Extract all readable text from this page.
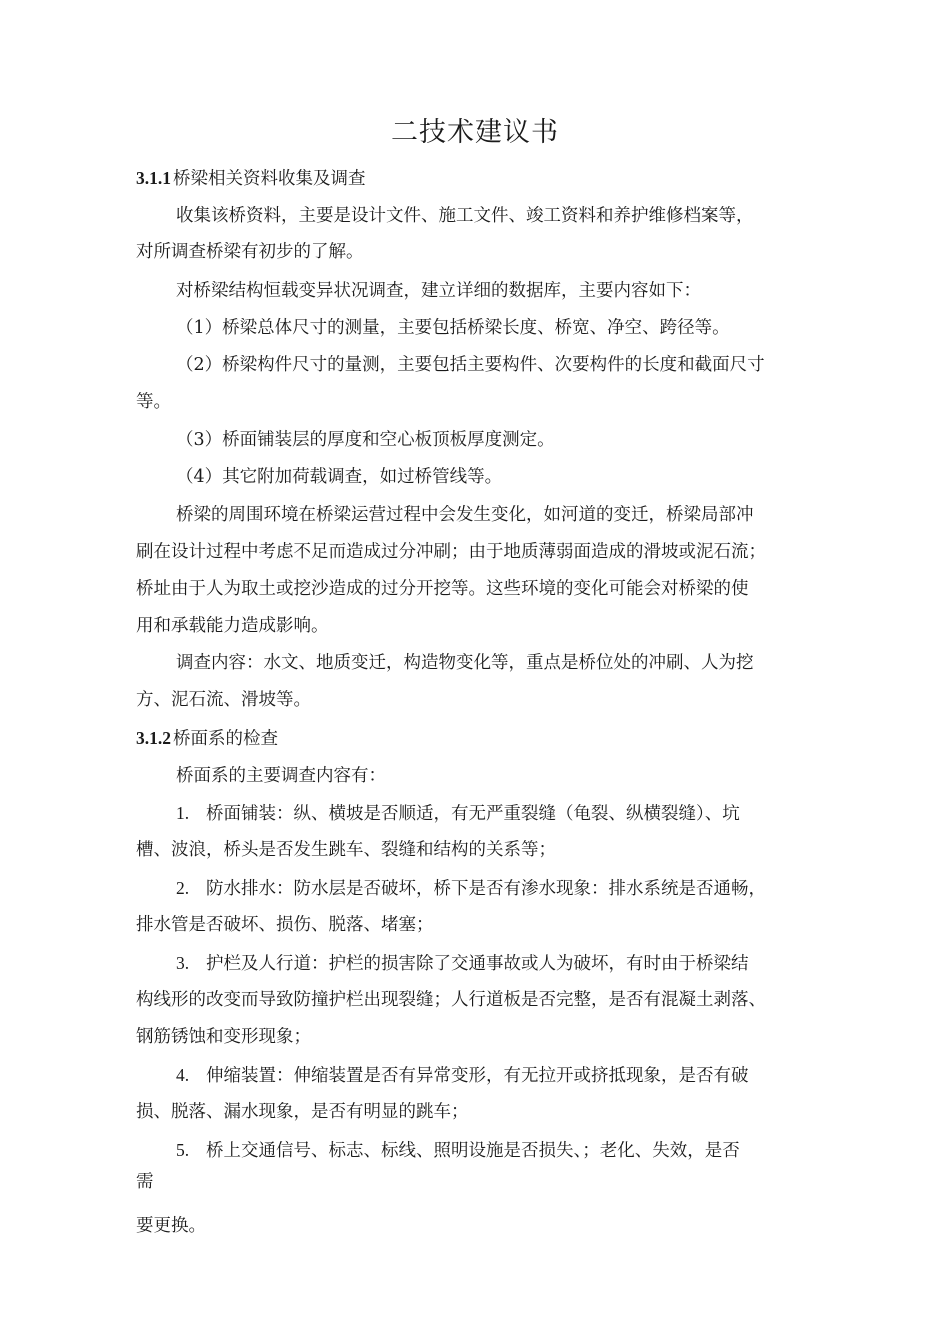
二技术建议书
3.1.1 桥梁相关资料收集及调查
收集该桥资料，主要是设计文件、施工文件、竣工资料和养护维修档案等，
对所调查桥梁有初步的了解。
对桥梁结构恒载变异状况调查，建立详细的数据库，主要内容如下：
（1）桥梁总体尺寸的测量，主要包括桥梁长度、桥宽、净空、跨径等。
（2）桥梁构件尺寸的量测，主要包括主要构件、次要构件的长度和截面尺寸
等。
（3）桥面铺装层的厚度和空心板顶板厚度测定。
（4）其它附加荷载调查，如过桥管线等。
桥梁的周围环境在桥梁运营过程中会发生变化，如河道的变迁，桥梁局部冲
刷在设计过程中考虑不足而造成过分冲刷；由于地质薄弱面造成的滑坡或泥石流；
桥址由于人为取土或挖沙造成的过分开挖等。这些环境的变化可能会对桥梁的使
用和承载能力造成影响。
调查内容：水文、地质变迁，构造物变化等，重点是桥位处的冲刷、人为挖
方、泥石流、滑坡等。
3.1.2 桥面系的检查
桥面系的主要调查内容有：
1. 桥面铺装：纵、横坡是否顺适，有无严重裂缝（龟裂、纵横裂缝）、坑
槽、波浪，桥头是否发生跳车、裂缝和结构的关系等；
2. 防水排水：防水层是否破坏，桥下是否有渗水现象：排水系统是否通畅，
排水管是否破坏、损伤、脱落、堵塞；
3. 护栏及人行道：护栏的损害除了交通事故或人为破坏，有时由于桥梁结
构线形的改变而导致防撞护栏出现裂缝；人行道板是否完整，是否有混凝土剥落、
钢筋锈蚀和变形现象；
4. 伸缩装置：伸缩装置是否有异常变形，有无拉开或挤抵现象，是否有破
损、脱落、漏水现象，是否有明显的跳车；
5. 桥上交通信号、标志、标线、照明设施是否损失、；老化、失效，是否
需
要更换。
